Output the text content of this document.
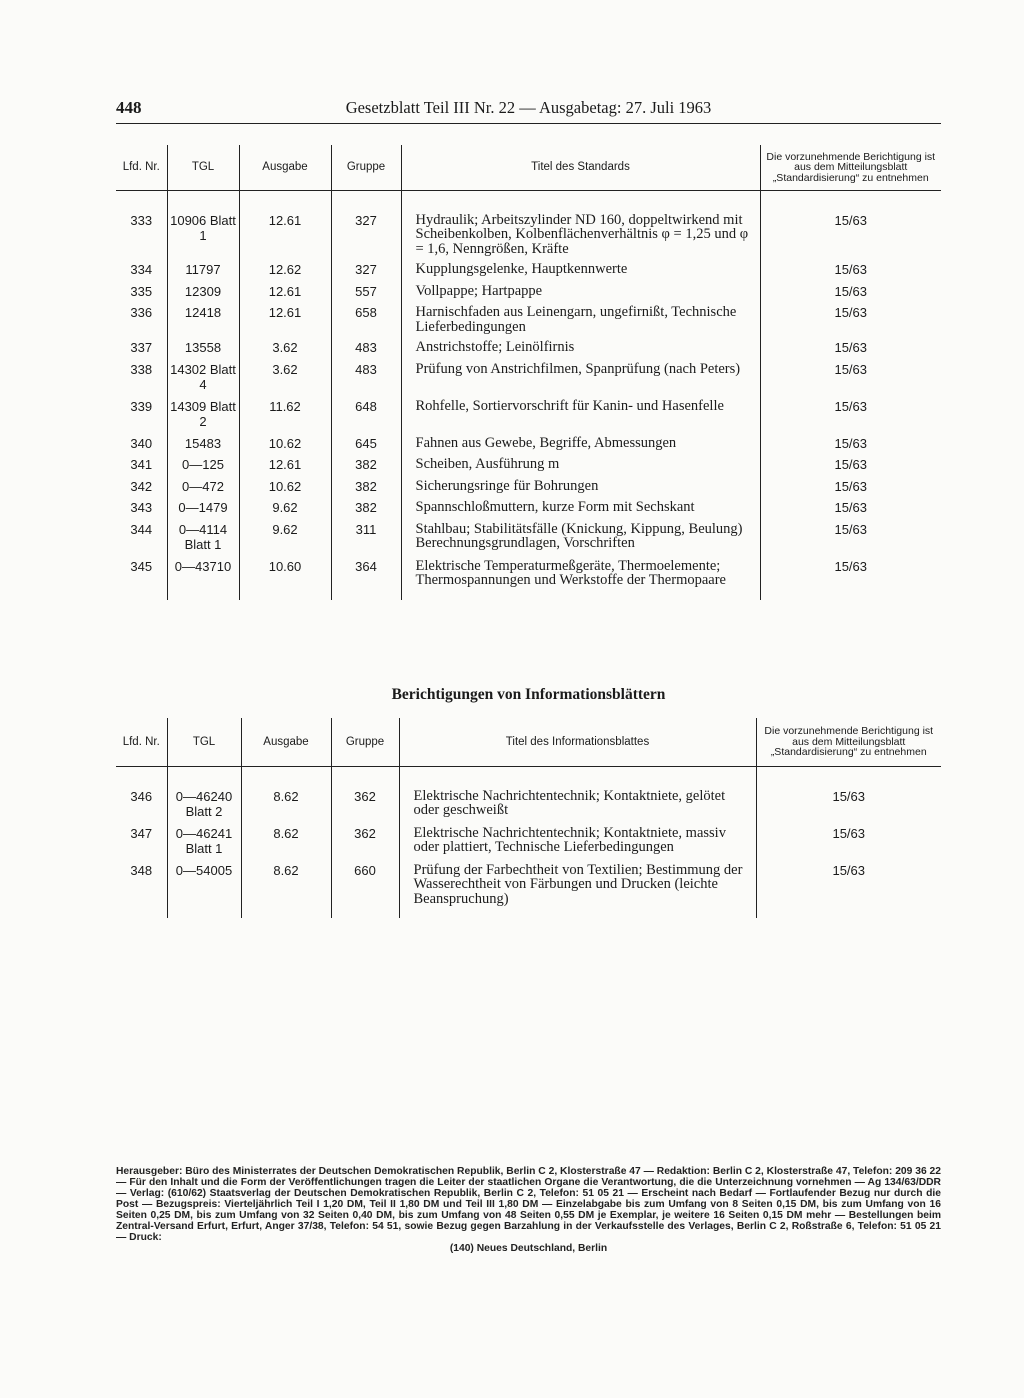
448	Gesetzblatt Teil III Nr. 22 — Ausgabetag: 27. Juli 1963
Lfd. Nr.	TGL	Ausgabe	Gruppe	Titel des Standards	Die vorzunehmende Berichtigung ist aus dem Mitteilungsblatt „Standardisierung“ zu entnehmen

333	10906 Blatt 1	12.61	327	Hydraulik; Arbeitszylinder ND 160, doppeltwirkend mit Scheibenkolben, Kolbenflächenverhältnis φ = 1,25 und φ = 1,6, Nenngrößen, Kräfte	15/63
334	11797	12.62	327	Kupplungsgelenke, Hauptkennwerte	15/63
335	12309	12.61	557	Vollpappe; Hartpappe	15/63
336	12418	12.61	658	Harnischfaden aus Leinengarn, ungefirnißt, Technische Lieferbedingungen	15/63
337	13558	3.62	483	Anstrichstoffe; Leinölfirnis	15/63
338	14302 Blatt 4	3.62	483	Prüfung von Anstrichfilmen, Spanprüfung (nach Peters)	15/63
339	14309 Blatt 2	11.62	648	Rohfelle, Sortiervorschrift für Kanin- und Hasenfelle	15/63
340	15483	10.62	645	Fahnen aus Gewebe, Begriffe, Abmessungen	15/63
341	0—125	12.61	382	Scheiben, Ausführung m	15/63
342	0—472	10.62	382	Sicherungsringe für Bohrungen	15/63
343	0—1479	9.62	382	Spannschloßmuttern, kurze Form mit Sechskant	15/63
344	0—4114 Blatt 1	9.62	311	Stahlbau; Stabilitätsfälle (Knickung, Kippung, Beulung) Berechnungsgrundlagen, Vorschriften	15/63
345	0—43710	10.60	364	Elektrische Temperaturmeßgeräte, Thermoelemente; Thermospannungen und Werkstoffe der Thermopaare	15/63

Berichtigungen von Informationsblättern
Lfd. Nr.	TGL	Ausgabe	Gruppe	Titel des Informationsblattes	Die vorzunehmende Berichtigung ist aus dem Mitteilungsblatt „Standardisierung“ zu entnehmen

346	0—46240 Blatt 2	8.62	362	Elektrische Nachrichtentechnik; Kontaktniete, gelötet oder geschweißt	15/63
347	0—46241 Blatt 1	8.62	362	Elektrische Nachrichtentechnik; Kontaktniete, massiv oder plattiert, Technische Lieferbedingungen	15/63
348	0—54005	8.62	660	Prüfung der Farbechtheit von Textilien; Bestimmung der Wasserechtheit von Färbungen und Drucken (leichte Beanspruchung)	15/63

Herausgeber: Büro des Ministerrates der Deutschen Demokratischen Republik, Berlin C 2, Klosterstraße 47 — Redaktion: Berlin C 2, Klosterstraße 47, Telefon: 209 36 22 — Für den Inhalt und die Form der Veröffentlichungen tragen die Leiter der staatlichen Organe die Verantwortung, die die Unterzeichnung vornehmen — Ag 134/63/DDR — Verlag: (610/62) Staatsverlag der Deutschen Demokratischen Republik, Berlin C 2, Telefon: 51 05 21 — Erscheint nach Bedarf — Fortlaufender Bezug nur durch die Post — Bezugspreis: Vierteljährlich Teil I 1,20 DM, Teil II 1,80 DM und Teil III 1,80 DM — Einzelabgabe bis zum Umfang von 8 Seiten 0,15 DM, bis zum Umfang von 16 Seiten 0,25 DM, bis zum Umfang von 32 Seiten 0,40 DM, bis zum Umfang von 48 Seiten 0,55 DM je Exemplar, je weitere 16 Seiten 0,15 DM mehr — Bestellungen beim Zentral-Versand Erfurt, Erfurt, Anger 37/38, Telefon: 54 51, sowie Bezug gegen Barzahlung in der Verkaufsstelle des Verlages, Berlin C 2, Roßstraße 6, Telefon: 51 05 21 — Druck:
(140) Neues Deutschland, Berlin
